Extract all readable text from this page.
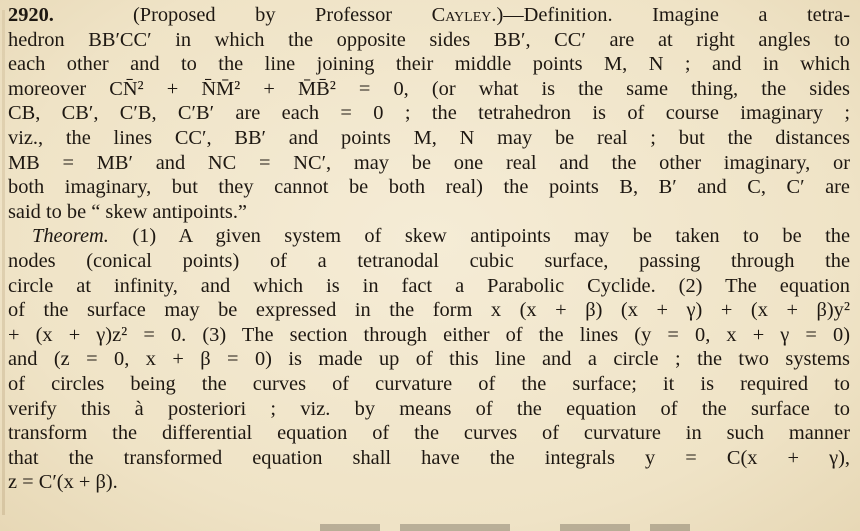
2920.	(Proposed by Professor Cayley.)—Definition. Imagine a tetra-
hedron BB′CC′ in which the opposite sides BB′, CC′ are at right angles to
each other and to the line joining their middle points M, N ; and in which
moreover CN̄² + N̄M̄² + M̄B̄² = 0, (or what is the same thing, the sides
CB, CB′, C′B, C′B′ are each = 0 ; the tetrahedron is of course imaginary ;
viz., the lines CC′, BB′ and points M, N may be real ; but the distances
MB = MB′ and NC = NC′, may be one real and the other imaginary, or
both imaginary, but they cannot be both real) the points B, B′ and C, C′ are
said to be “ skew antipoints.”
Theorem. (1) A given system of skew antipoints may be taken to be the
nodes (conical points) of a tetranodal cubic surface, passing through the
circle at infinity, and which is in fact a Parabolic Cyclide. (2) The equation
of the surface may be expressed in the form x (x + β) (x + γ) + (x + β)y²
+ (x + γ)z² = 0. (3) The section through either of the lines (y = 0, x + γ = 0)
and (z = 0, x + β = 0) is made up of this line and a circle ; the two systems
of circles being the curves of curvature of the surface; it is required to
verify this à posteriori ; viz. by means of the equation of the surface to
transform the differential equation of the curves of curvature in such manner
that the transformed equation shall have the integrals y = C(x + γ),
z = C′(x + β).
